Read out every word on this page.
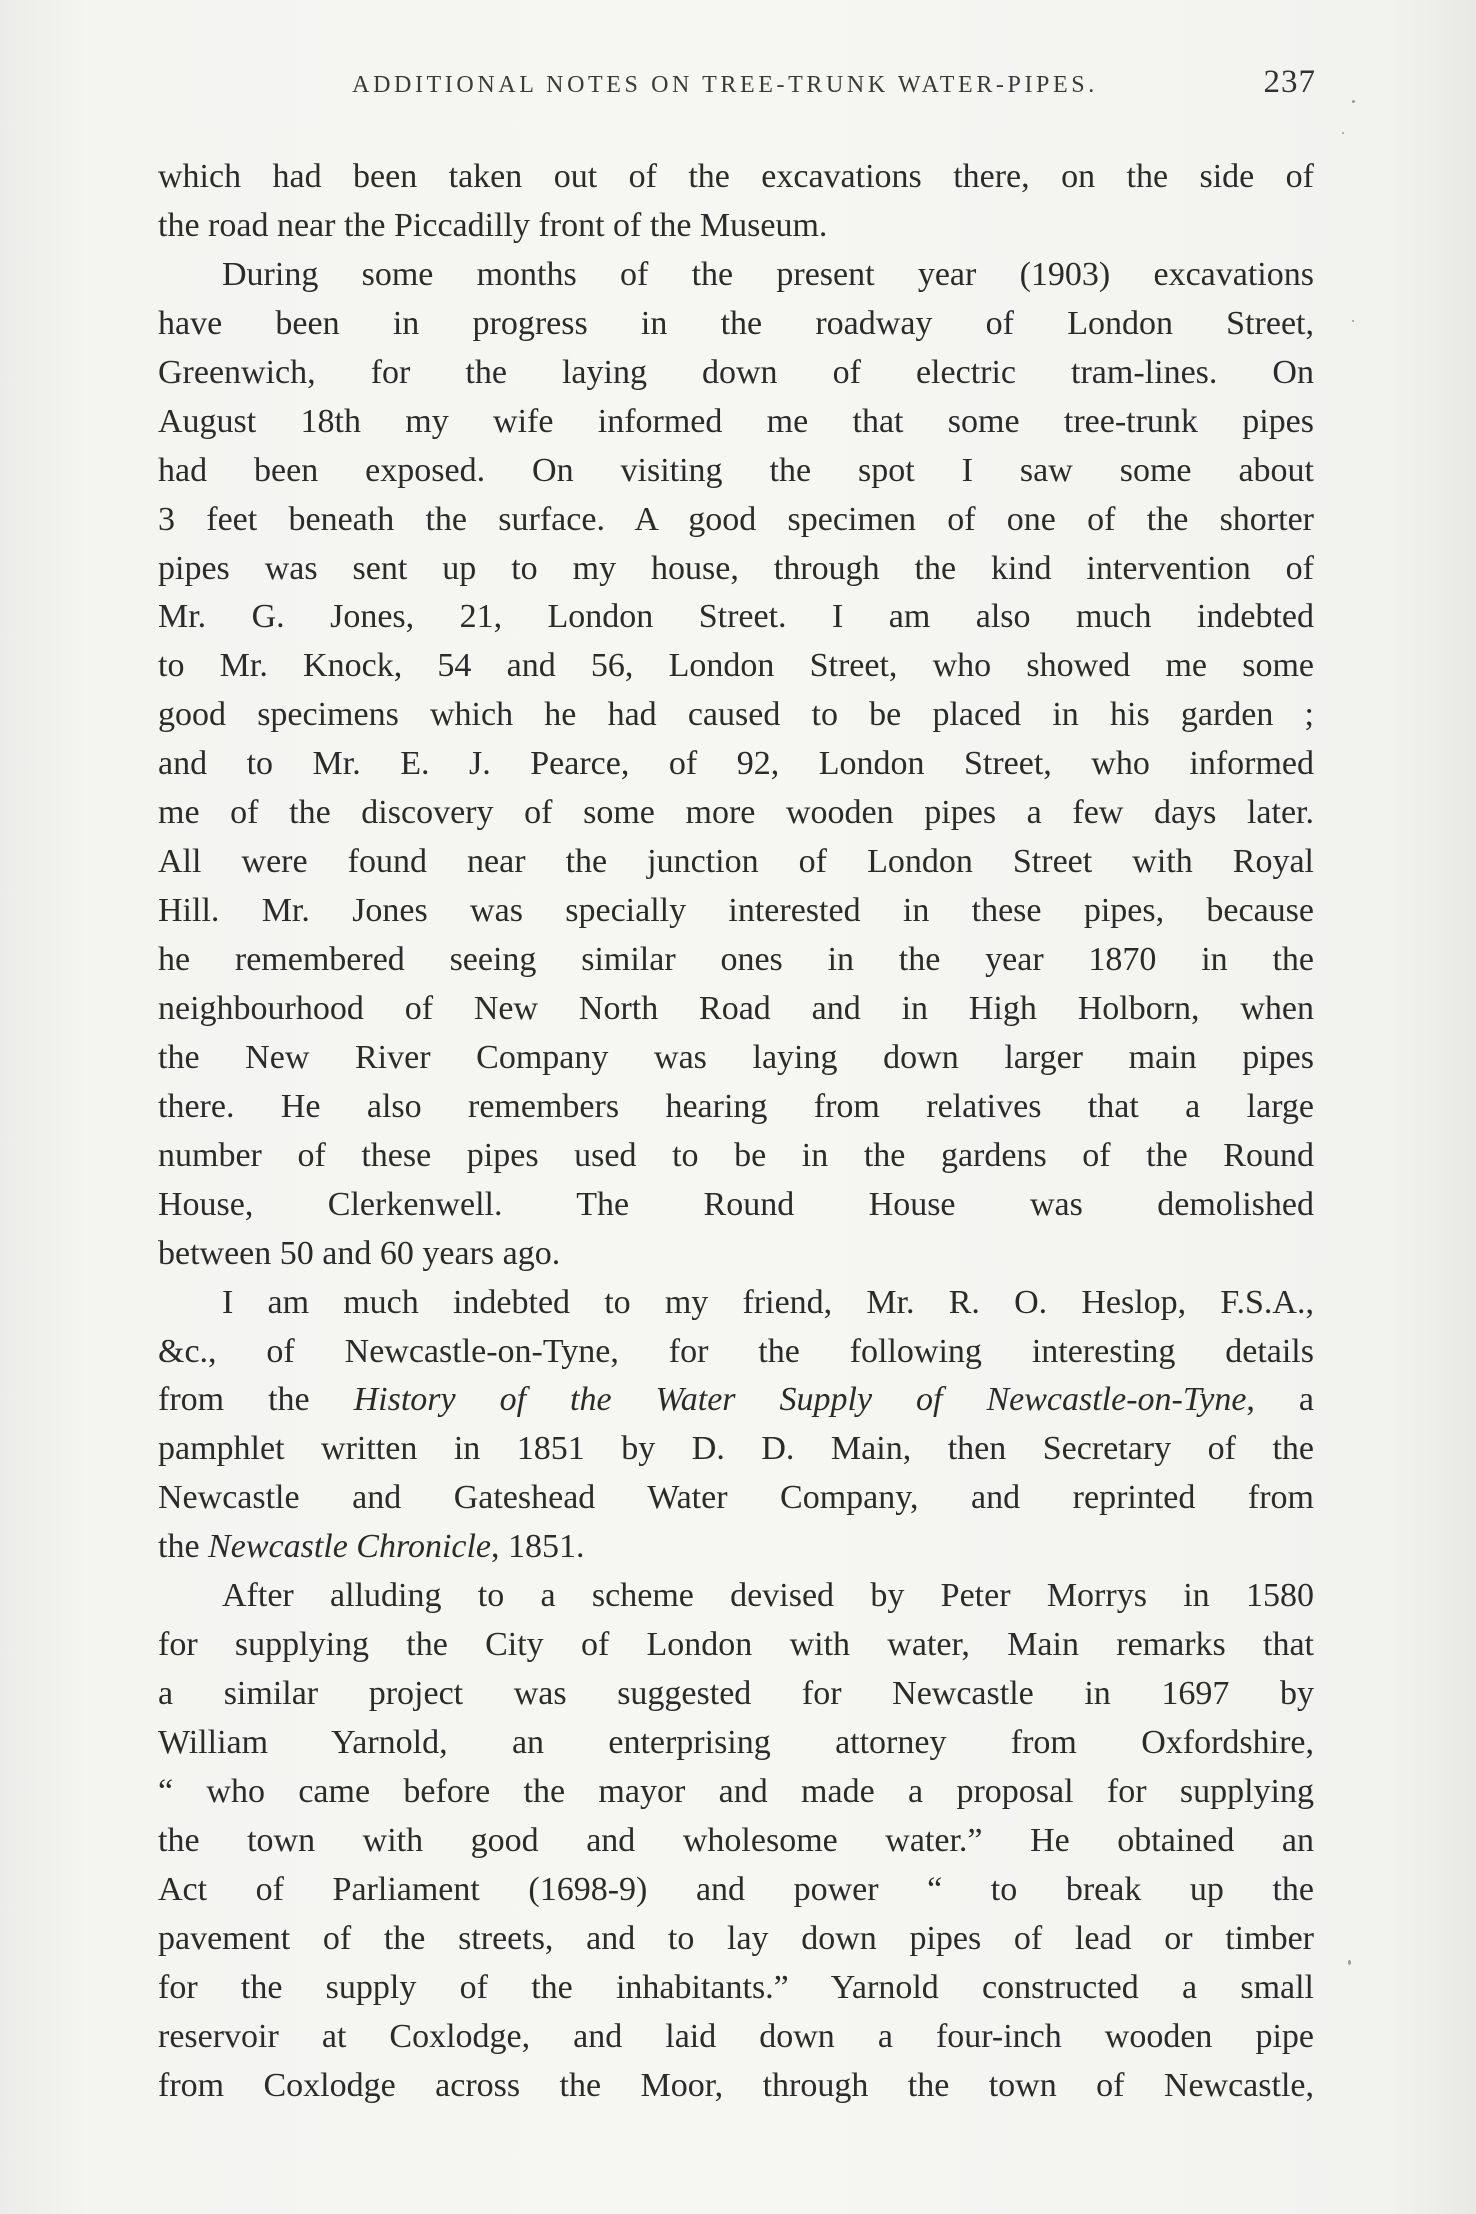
ADDITIONAL NOTES ON TREE-TRUNK WATER-PIPES.	237
which had been taken out of the excavations there, on the side of
the road near the Piccadilly front of the Museum.
During some months of the present year (1903) excavations
have been in progress in the roadway of London Street,
Greenwich, for the laying down of electric tram-lines. On
August 18th my wife informed me that some tree-trunk pipes
had been exposed. On visiting the spot I saw some about
3 feet beneath the surface. A good specimen of one of the shorter
pipes was sent up to my house, through the kind intervention of
Mr. G. Jones, 21, London Street. I am also much indebted
to Mr. Knock, 54 and 56, London Street, who showed me some
good specimens which he had caused to be placed in his garden ;
and to Mr. E. J. Pearce, of 92, London Street, who informed
me of the discovery of some more wooden pipes a few days later.
All were found near the junction of London Street with Royal
Hill. Mr. Jones was specially interested in these pipes, because
he remembered seeing similar ones in the year 1870 in the
neighbourhood of New North Road and in High Holborn, when
the New River Company was laying down larger main pipes
there. He also remembers hearing from relatives that a large
number of these pipes used to be in the gardens of the Round
House, Clerkenwell. The Round House was demolished
between 50 and 60 years ago.
I am much indebted to my friend, Mr. R. O. Heslop, F.S.A.,
&c., of Newcastle-on-Tyne, for the following interesting details
from the History of the Water Supply of Newcastle-on-Tyne, a
pamphlet written in 1851 by D. D. Main, then Secretary of the
Newcastle and Gateshead Water Company, and reprinted from
the Newcastle Chronicle, 1851.
After alluding to a scheme devised by Peter Morrys in 1580
for supplying the City of London with water, Main remarks that
a similar project was suggested for Newcastle in 1697 by
William Yarnold, an enterprising attorney from Oxfordshire,
“ who came before the mayor and made a proposal for supplying
the town with good and wholesome water.” He obtained an
Act of Parliament (1698-9) and power “ to break up the
pavement of the streets, and to lay down pipes of lead or timber
for the supply of the inhabitants.” Yarnold constructed a small
reservoir at Coxlodge, and laid down a four-inch wooden pipe
from Coxlodge across the Moor, through the town of Newcastle,
